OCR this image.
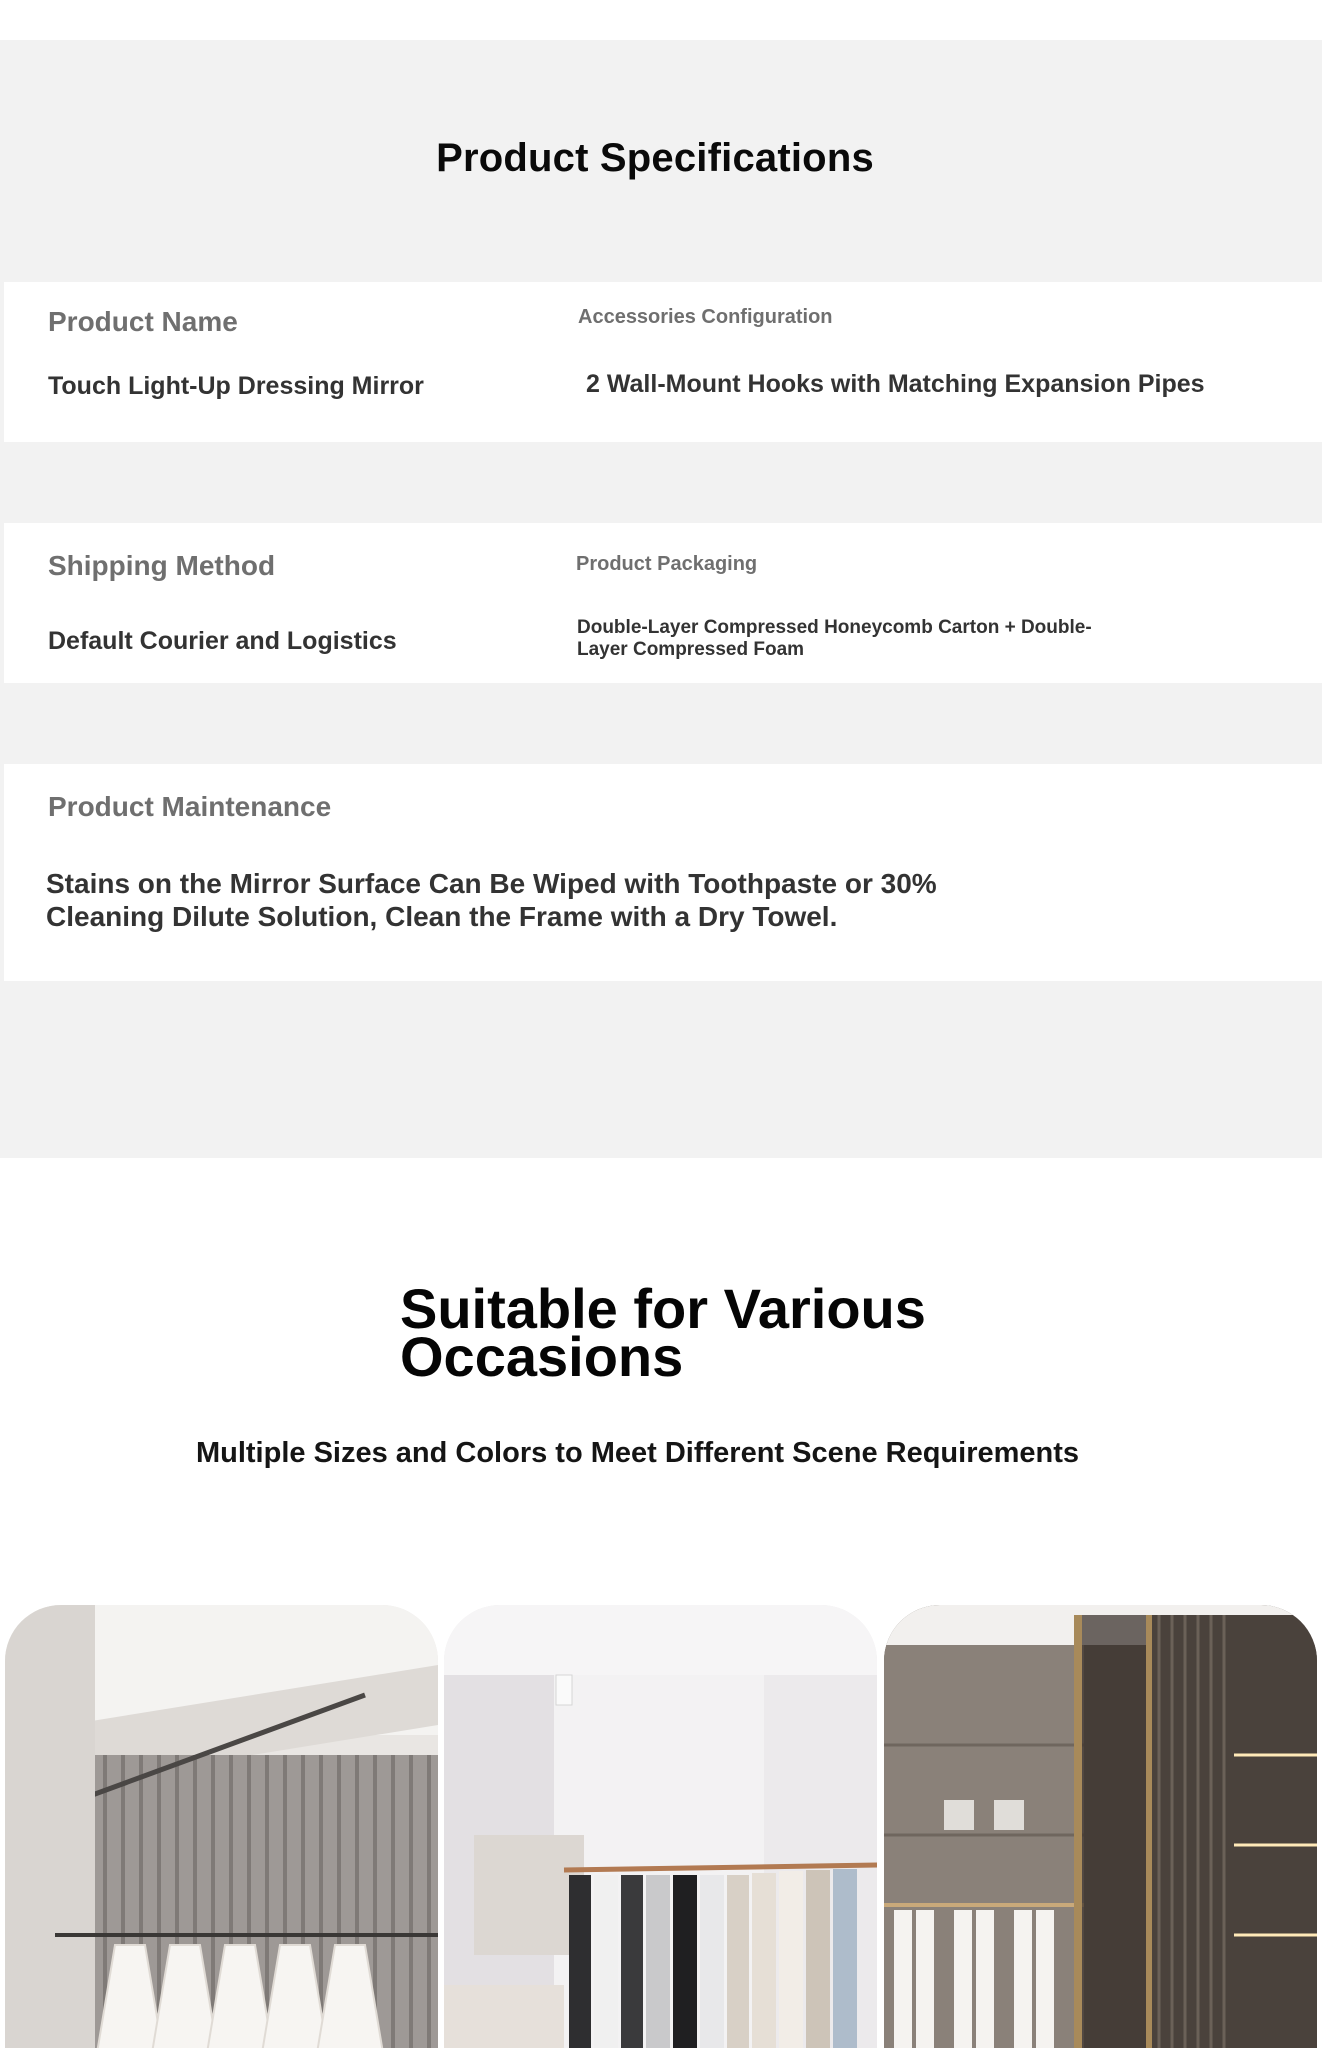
Product Specifications
Product Name
Touch Light-Up Dressing Mirror
Accessories Configuration
2 Wall-Mount Hooks with Matching Expansion Pipes
Shipping Method
Default Courier and Logistics
Product Packaging
Double-Layer Compressed Honeycomb Carton + Double-Layer Compressed Foam
Product Maintenance
Stains on the Mirror Surface Can Be Wiped with Toothpaste or 30% Cleaning Dilute Solution, Clean the Frame with a Dry Towel.
Suitable for Various Occasions
Multiple Sizes and Colors to Meet Different Scene Requirements
